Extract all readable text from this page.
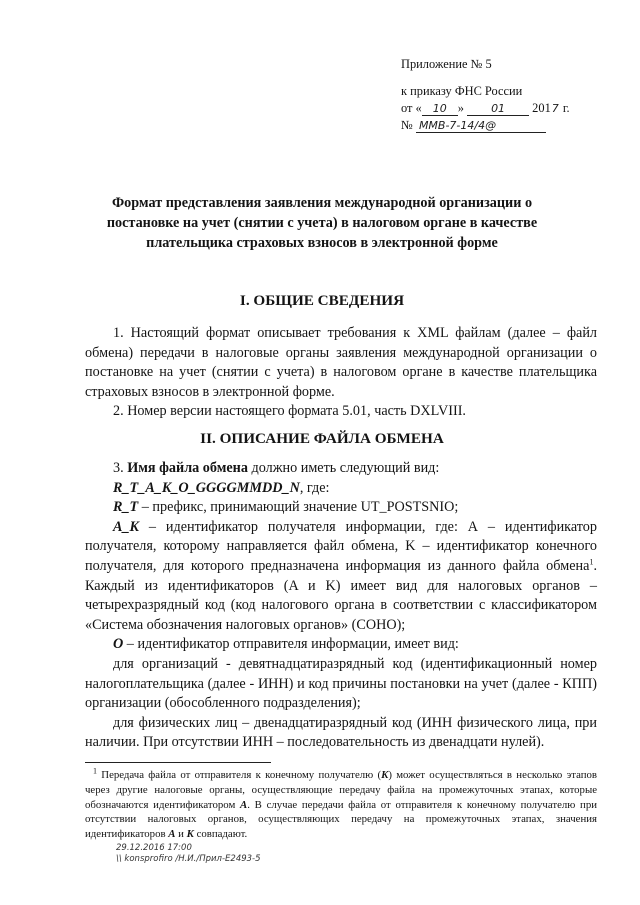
Приложение № 5
к приказу ФНС России
от « 10 » 01 2017 г.
№ ММВ-7-14/4@
Формат представления заявления международной организации о постановке на учет (снятии с учета) в налоговом органе в качестве плательщика страховых взносов в электронной форме
I. ОБЩИЕ СВЕДЕНИЯ

1. Настоящий формат описывает требования к XML файлам (далее – файл обмена) передачи в налоговые органы заявления международной организации о постановке на учет (снятии с учета) в налоговом органе в качестве плательщика страховых взносов в электронной форме.

2. Номер версии настоящего формата 5.01, часть DXLVIII.

II. ОПИСАНИЕ ФАЙЛА ОБМЕНА

3. Имя файла обмена должно иметь следующий вид:

R_T_A_K_O_GGGGMMDD_N, где:

R_T – префикс, принимающий значение UT_POSTSNIO;

A_K – идентификатор получателя информации, где: А – идентификатор получателя, которому направляется файл обмена, K – идентификатор конечного получателя, для которого предназначена информация из данного файла обмена$^1$. Каждый из идентификаторов (A и K) имеет вид для налоговых органов – четырехразрядный код (код налогового органа в соответствии с классификатором «Система обозначения налоговых органов» (СОНО);

O – идентификатор отправителя информации, имеет вид:

для организаций - девятнадцатиразрядный код (идентификационный номер налогоплательщика (далее - ИНН) и код причины постановки на учет (далее - КПП) организации (обособленного подразделения);

для физических лиц – двенадцатиразрядный код (ИНН физического лица, при наличии. При отсутствии ИНН – последовательность из двенадцати нулей).

$^1$ Передача файла от отправителя к конечному получателю (K) может осуществляться в несколько этапов через другие налоговые органы, осуществляющие передачу файла на промежуточных этапах, которые обозначаются идентификатором A. В случае передачи файла от отправителя к конечному получателю при отсутствии налоговых органов, осуществляющих передачу на промежуточных этапах, значения идентификаторов A и K совпадают.

29.12.2016 17:00
\\ konsprofiro /Н.И./Прил-Е2493-5
